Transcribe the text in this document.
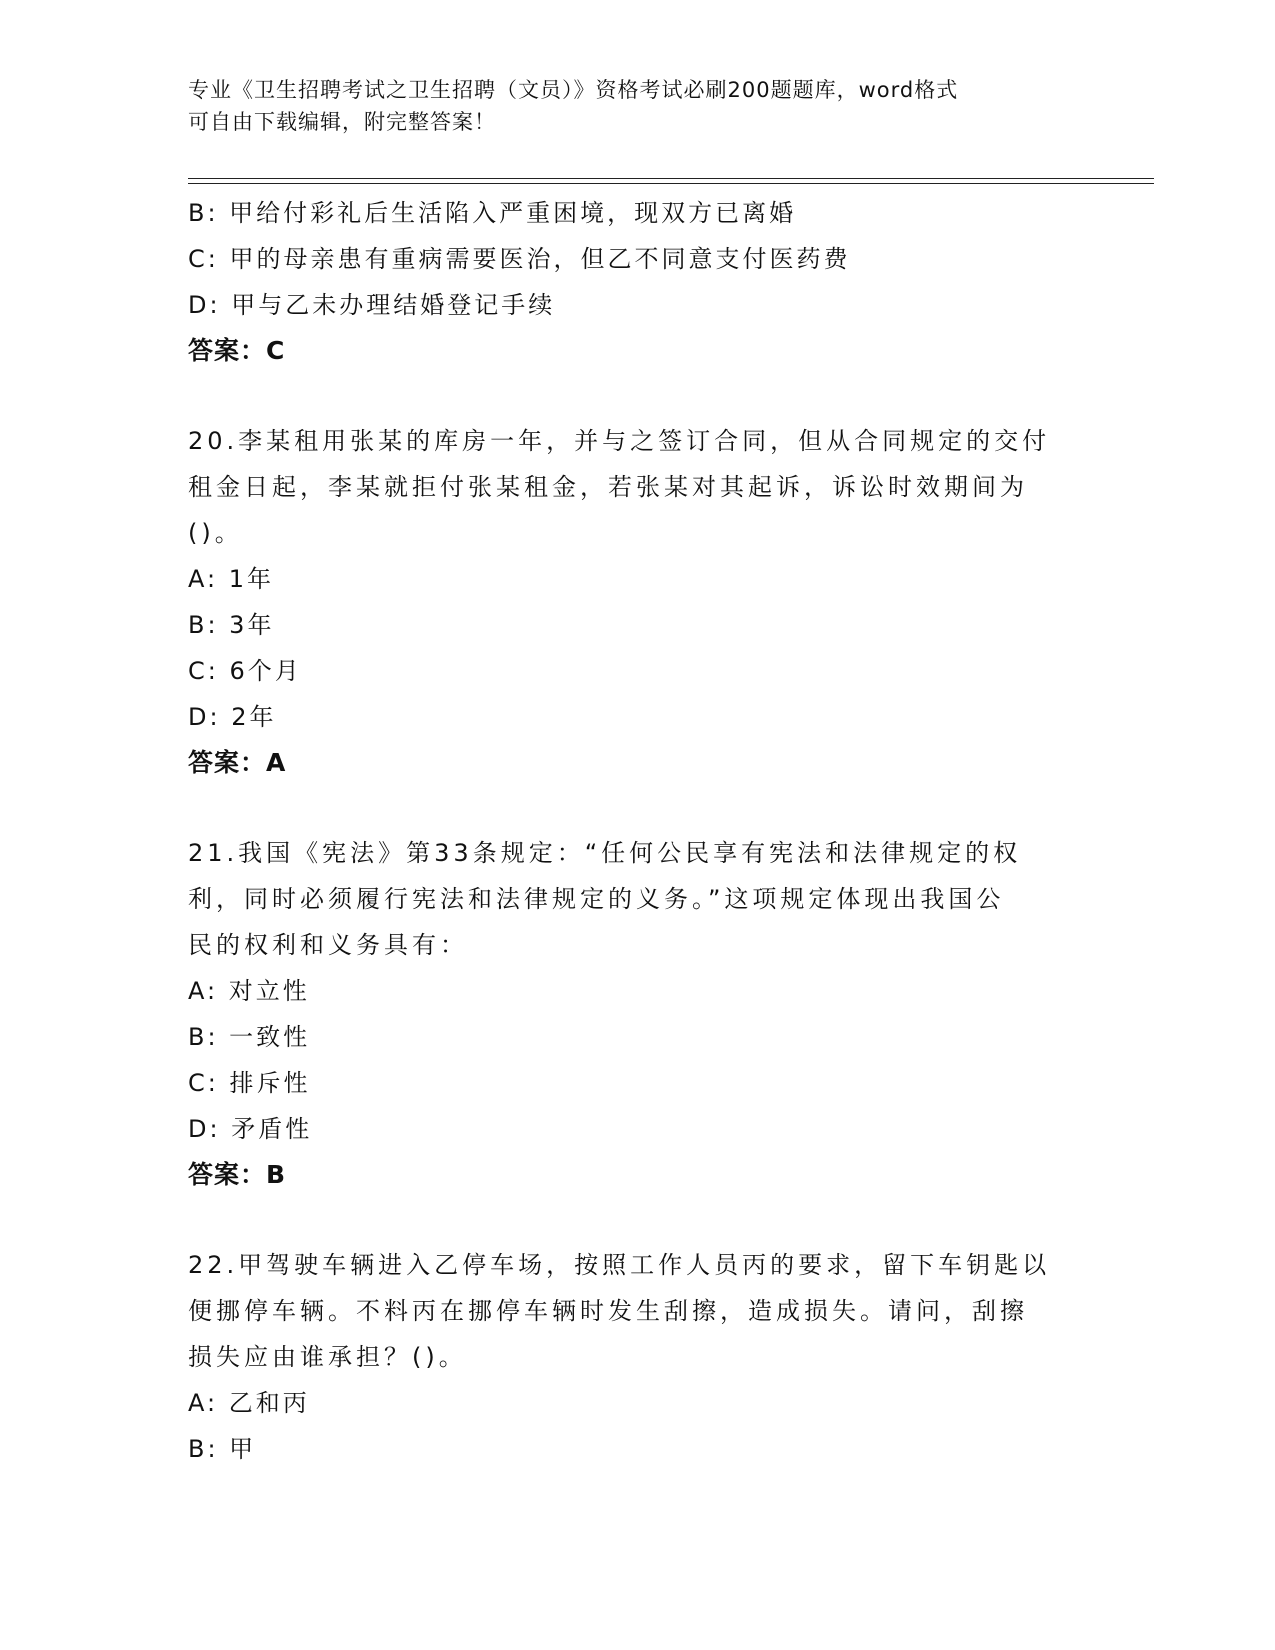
专业《卫生招聘考试之卫生招聘（文员）》资格考试必刷200题题库，word格式
可自由下载编辑，附完整答案！
B: 甲给付彩礼后生活陷入严重困境，现双方已离婚
C: 甲的母亲患有重病需要医治，但乙不同意支付医药费
D: 甲与乙未办理结婚登记手续
答案：C
20.李某租用张某的库房一年，并与之签订合同，但从合同规定的交付
租金日起，李某就拒付张某租金，若张某对其起诉，诉讼时效期间为
()。
A: 1年
B: 3年
C: 6个月
D: 2年
答案：A
21.我国《宪法》第33条规定：“任何公民享有宪法和法律规定的权
利，同时必须履行宪法和法律规定的义务。”这项规定体现出我国公
民的权利和义务具有：
A: 对立性
B: 一致性
C: 排斥性
D: 矛盾性
答案：B
22.甲驾驶车辆进入乙停车场，按照工作人员丙的要求，留下车钥匙以
便挪停车辆。不料丙在挪停车辆时发生刮擦，造成损失。请问，刮擦
损失应由谁承担？()。
A: 乙和丙
B: 甲
